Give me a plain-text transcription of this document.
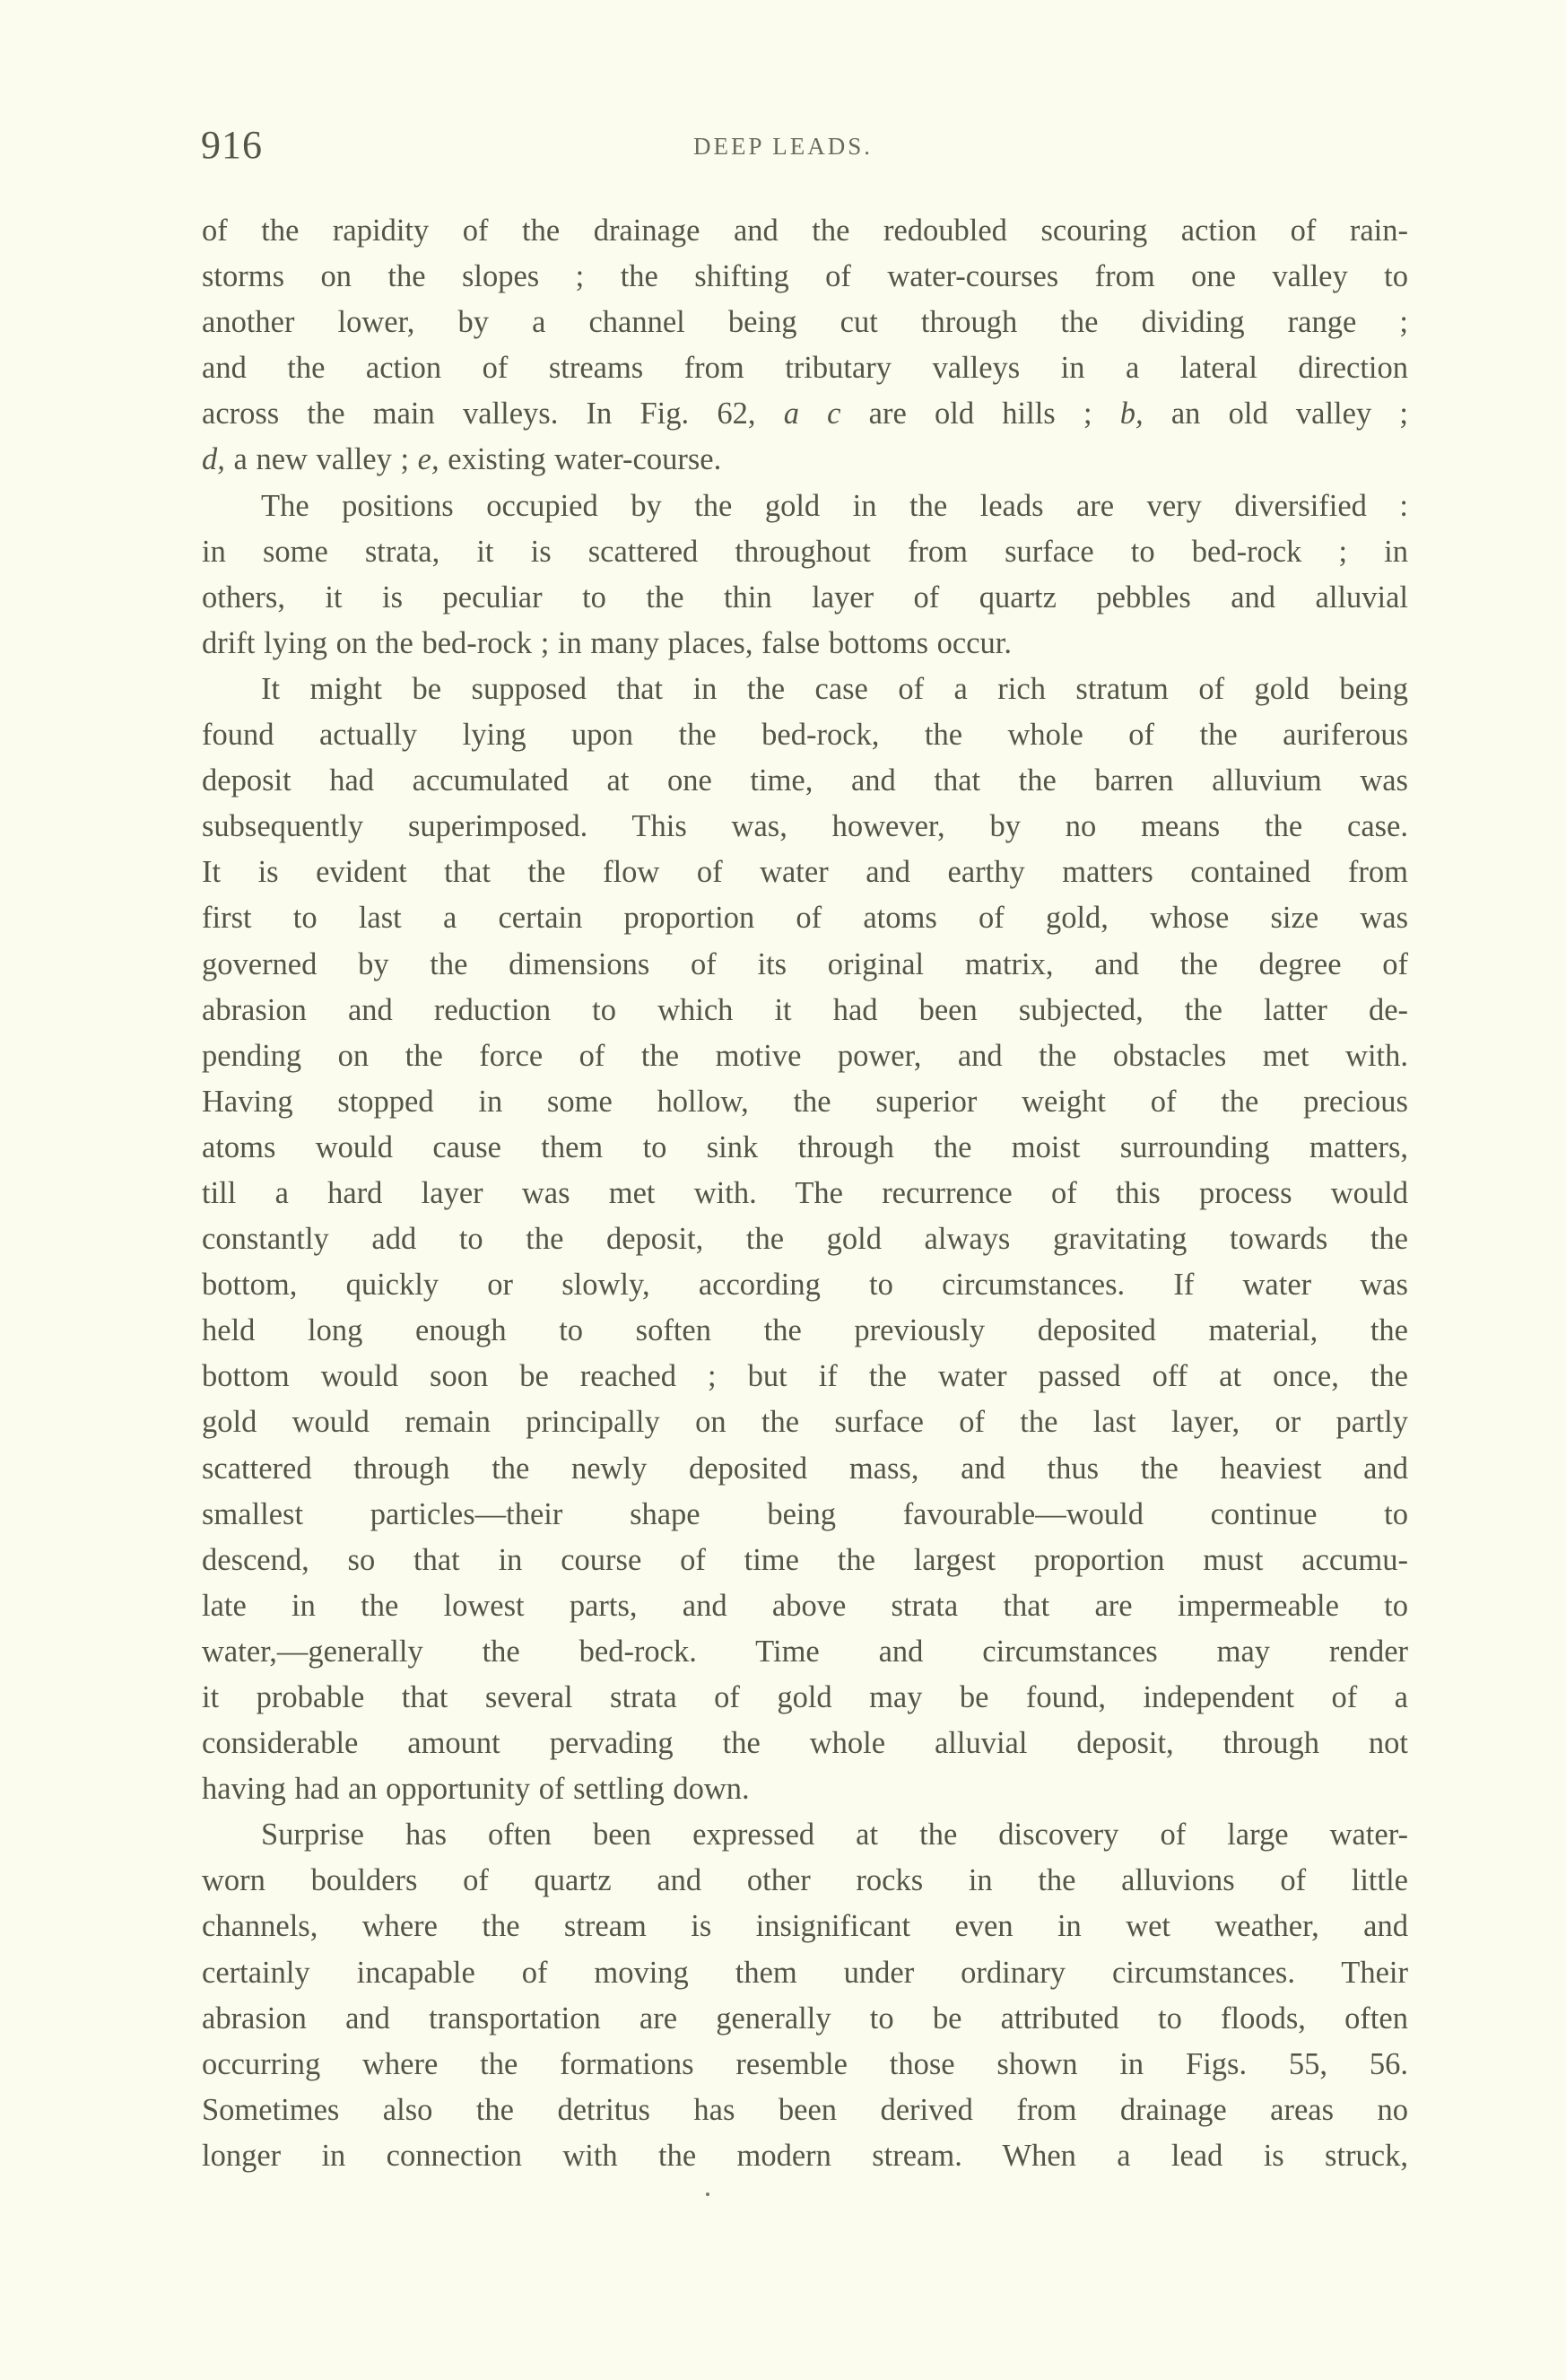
916	DEEP LEADS.
of the rapidity of the drainage and the redoubled scouring action of rain-
storms on the slopes ; the shifting of water-courses from one valley to
another lower, by a channel being cut through the dividing range ;
and the action of streams from tributary valleys in a lateral direction
across the main valleys. In Fig. 62, a c are old hills ; b, an old valley ;
d, a new valley ; e, existing water-course.
The positions occupied by the gold in the leads are very diversified :
in some strata, it is scattered throughout from surface to bed-rock ; in
others, it is peculiar to the thin layer of quartz pebbles and alluvial
drift lying on the bed-rock ; in many places, false bottoms occur.
It might be supposed that in the case of a rich stratum of gold being
found actually lying upon the bed-rock, the whole of the auriferous
deposit had accumulated at one time, and that the barren alluvium was
subsequently superimposed. This was, however, by no means the case.
It is evident that the flow of water and earthy matters contained from
first to last a certain proportion of atoms of gold, whose size was
governed by the dimensions of its original matrix, and the degree of
abrasion and reduction to which it had been subjected, the latter de-
pending on the force of the motive power, and the obstacles met with.
Having stopped in some hollow, the superior weight of the precious
atoms would cause them to sink through the moist surrounding matters,
till a hard layer was met with. The recurrence of this process would
constantly add to the deposit, the gold always gravitating towards the
bottom, quickly or slowly, according to circumstances. If water was
held long enough to soften the previously deposited material, the
bottom would soon be reached ; but if the water passed off at once, the
gold would remain principally on the surface of the last layer, or partly
scattered through the newly deposited mass, and thus the heaviest and
smallest particles—their shape being favourable—would continue to
descend, so that in course of time the largest proportion must accumu-
late in the lowest parts, and above strata that are impermeable to
water,—generally the bed-rock. Time and circumstances may render
it probable that several strata of gold may be found, independent of a
considerable amount pervading the whole alluvial deposit, through not
having had an opportunity of settling down.
Surprise has often been expressed at the discovery of large water-
worn boulders of quartz and other rocks in the alluvions of little
channels, where the stream is insignificant even in wet weather, and
certainly incapable of moving them under ordinary circumstances. Their
abrasion and transportation are generally to be attributed to floods, often
occurring where the formations resemble those shown in Figs. 55, 56.
Sometimes also the detritus has been derived from drainage areas no
longer in connection with the modern stream. When a lead is struck,
